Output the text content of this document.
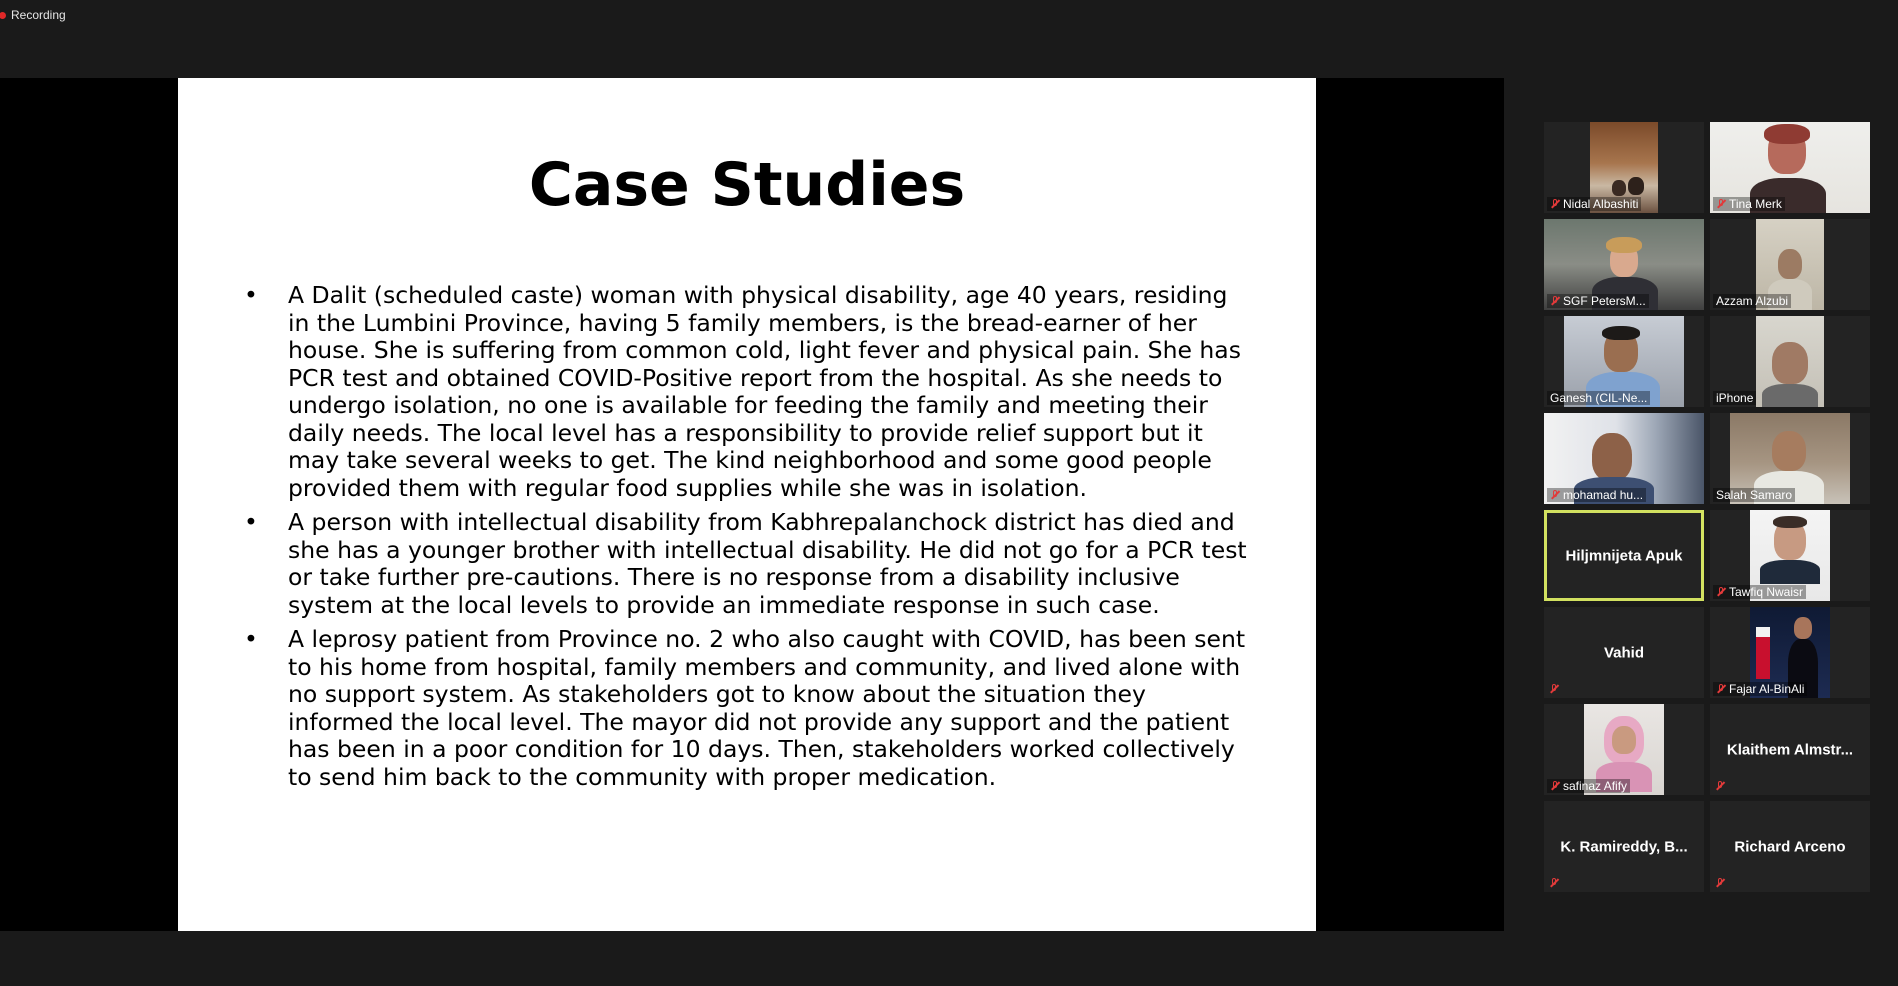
Recording
Case Studies
• A Dalit (scheduled caste) woman with physical disability, age 40 years, residing in the Lumbini Province, having 5 family members, is the bread-earner of her house. She is suffering from common cold, light fever and physical pain. She has PCR test and obtained COVID-Positive report from the hospital. As she needs to undergo isolation, no one is available for feeding the family and meeting their daily needs. The local level has a responsibility to provide relief support but it may take several weeks to get. The kind neighborhood and some good people provided them with regular food supplies while she was in isolation.
• A person with intellectual disability from Kabhrepalanchock district has died and she has a younger brother with intellectual disability. He did not go for a PCR test or take further pre-cautions. There is no response from a disability inclusive system at the local levels to provide an immediate response in such case.
• A leprosy patient from Province no. 2 who also caught with COVID, has been sent to his home from hospital, family members and community, and lived alone with no support system. As stakeholders got to know about the situation they informed the local level. The mayor did not provide any support and the patient has been in a poor condition for 10 days. Then, stakeholders worked collectively to send him back to the community with proper medication.
Nidal Albashiti	Tina Merk
SGF PetersM...	Azzam Alzubi
Ganesh (CIL-Ne...	iPhone
mohamad hu...	Salah Samaro
Hiljmnijeta Apuk
Tawfiq Nwaisr
Vahid
Fajar Al-BinAli
safinaz Afify
Klaithem Almstr...
K. Ramireddy, B...	Richard Arceno
